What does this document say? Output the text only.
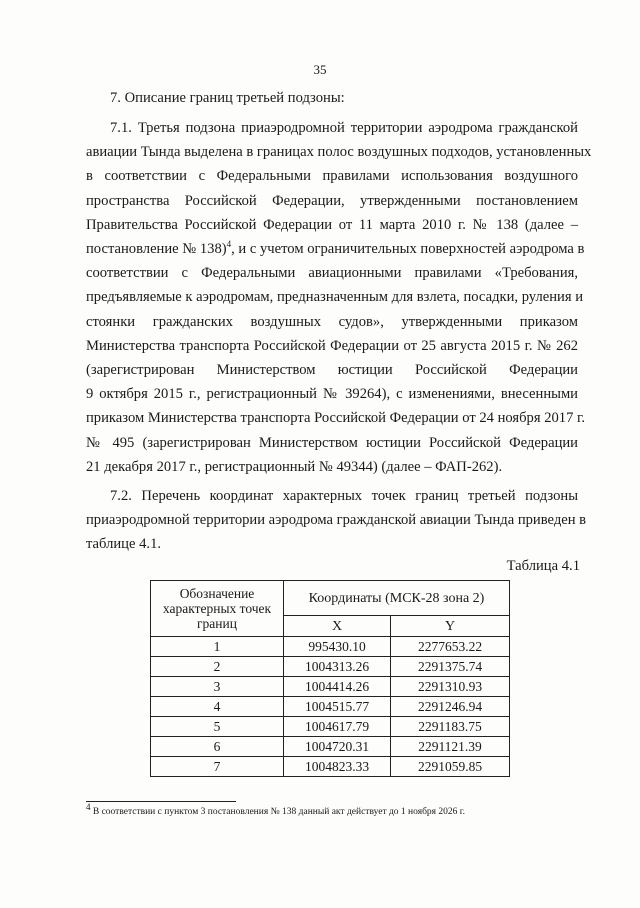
35
7. Описание границ третьей подзоны:
7.1. Третья подзона приаэродромной территории аэродрома гражданской
авиации Тында выделена в границах полос воздушных подходов, установленных
в соответствии с Федеральными правилами использования воздушного
пространства Российской Федерации, утвержденными постановлением
Правительства Российской Федерации от 11 марта 2010 г. № 138 (далее –
постановление № 138)$^4$, и с учетом ограничительных поверхностей аэродрома в
соответствии с Федеральными авиационными правилами «Требования,
предъявляемые к аэродромам, предназначенным для взлета, посадки, руления и
стоянки гражданских воздушных судов», утвержденными приказом
Министерства транспорта Российской Федерации от 25 августа 2015 г. № 262
(зарегистрирован Министерством юстиции Российской Федерации
9 октября 2015 г., регистрационный № 39264), с изменениями, внесенными
приказом Министерства транспорта Российской Федерации от 24 ноября 2017 г.
№ 495 (зарегистрирован Министерством юстиции Российской Федерации
21 декабря 2017 г., регистрационный № 49344) (далее – ФАП-262).
7.2. Перечень координат характерных точек границ третьей подзоны
приаэродромной территории аэродрома гражданской авиации Тында приведен в
таблице 4.1.
Таблица 4.1
Обозначение характерных точек границ	Координаты (МСК-28 зона 2)	
	X	Y
1	995430.10	2277653.22
2	1004313.26	2291375.74
3	1004414.26	2291310.93
4	1004515.77	2291246.94
5	1004617.79	2291183.75
6	1004720.31	2291121.39
7	1004823.33	2291059.85
$^4$ В соответствии с пунктом 3 постановления № 138 данный акт действует до 1 ноября 2026 г.
